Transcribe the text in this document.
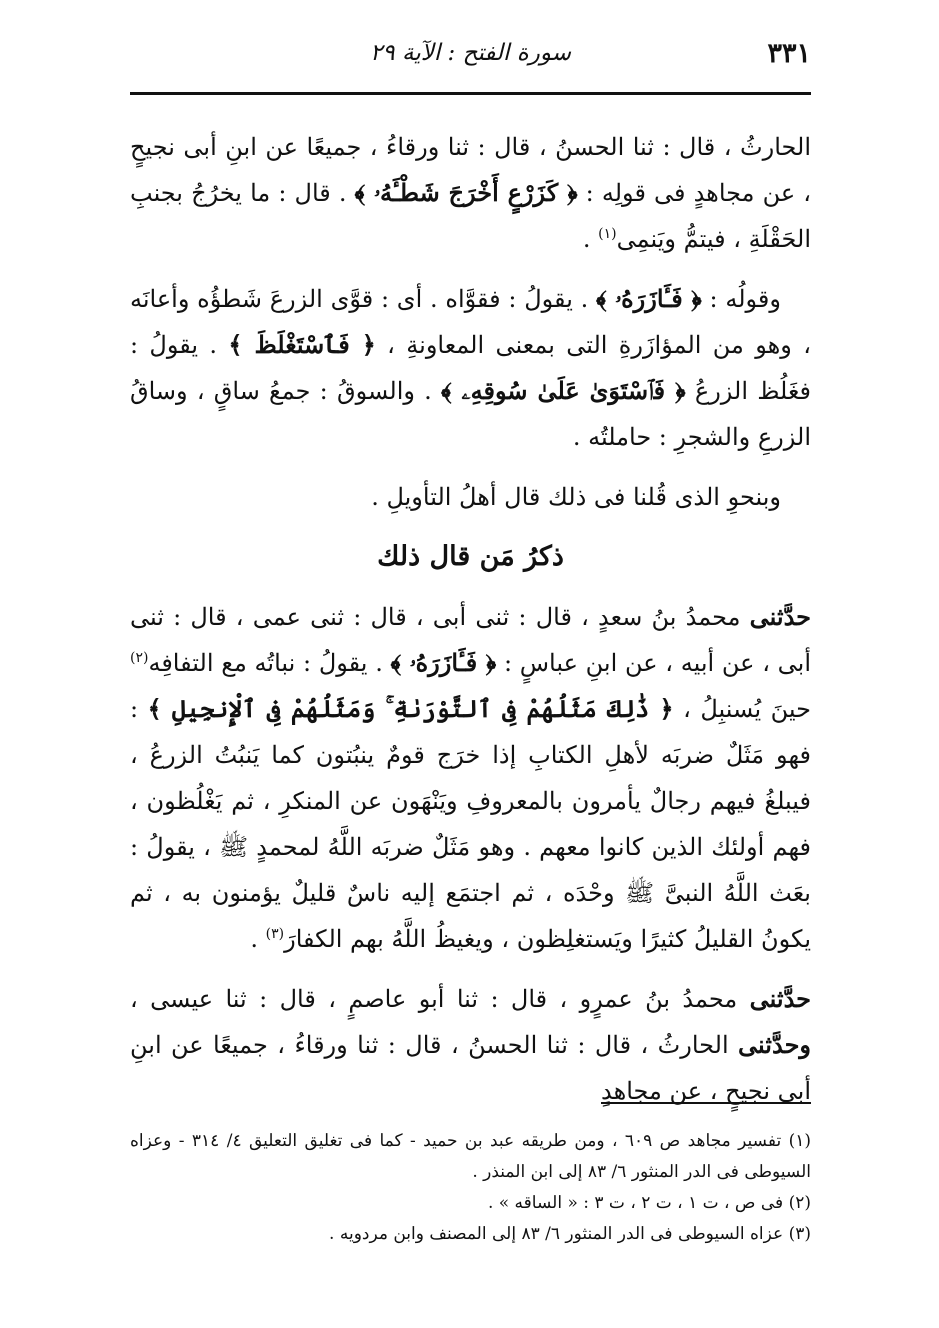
٣٣١
سورة الفتح : الآية ٢٩

الحارثُ ، قال : ثنا الحسنُ ، قال : ثنا ورقاءُ ، جميعًا عن ابنِ أبى نجيحٍ ، عن مجاهدٍ فى قولِه : ﴿ كَزَرْعٍ أَخْرَجَ شَطْـَٔهُۥ ﴾ . قال : ما يخرُجُ بجنبِ الحَقْلَةِ ، فيتمُّ ويَنمِى$^{(١)}$ .

وقولُه : ﴿ فَـَٔازَرَهُۥ ﴾ . يقولُ : فقوَّاه . أى : قوَّى الزرعَ شَطؤُه وأعانَه ، وهو من المؤازَرةِ التى بمعنى المعاونةِ ، ﴿ فَٱسْتَغْلَظَ ﴾ . يقولُ : فغَلُظ الزرعُ ﴿ فَٱسْتَوَىٰ عَلَىٰ سُوقِهِۦ ﴾ . والسوقُ : جمعُ ساقٍ ، وساقُ الزرعِ والشجرِ : حاملتُه .

وبنحوِ الذى قُلنا فى ذلك قال أهلُ التأويلِ .

ذكرُ مَن قال ذلك

حدَّثنى محمدُ بنُ سعدٍ ، قال : ثنى أبى ، قال : ثنى عمى ، قال : ثنى أبى ، عن أبيه ، عن ابنِ عباسٍ : ﴿ فَـَٔازَرَهُۥ ﴾ . يقولُ : نباتُه مع التفافِه$^{(٢)}$ حينَ يُسنبِلُ ، ﴿ ذَٰلِكَ مَثَلُهُمْ فِى ٱلتَّوْرَىٰةِ ۚ وَمَثَلُهُمْ فِى ٱلْإِنجِيلِ ﴾ : فهو مَثَلٌ ضربَه لأهلِ الكتابِ إذا خرَج قومٌ ينبُتون كما يَنبُتُ الزرعُ ، فيبلغُ فيهم رجالٌ يأمرون بالمعروفِ ويَنْهَون عن المنكرِ ، ثم يَغْلُظون ، فهم أولئك الذين كانوا معهم . وهو مَثَلٌ ضربَه اللَّهُ لمحمدٍ ﷺ ، يقولُ : بعَث اللَّهُ النبىَّ ﷺ وحْدَه ، ثم اجتمَع إليه ناسٌ قليلٌ يؤمنون به ، ثم يكونُ القليلُ كثيرًا ويَستغلِظون ، ويغيظُ اللَّهُ بهم الكفارَ$^{(٣)}$ .

حدَّثنى محمدُ بنُ عمرٍو ، قال : ثنا أبو عاصمٍ ، قال : ثنا عيسى ، وحدَّثنى الحارثُ ، قال : ثنا الحسنُ ، قال : ثنا ورقاءُ ، جميعًا عن ابنِ أبى نجيحٍ ، عن مجاهدٍ

(١) تفسير مجاهد ص ٦٠٩ ، ومن طريقه عبد بن حميد - كما فى تغليق التعليق ٤/ ٣١٤ - وعزاه السيوطى فى الدر المنثور ٦/ ٨٣ إلى ابن المنذر .

(٢) فى ص ، ت ١ ، ت ٢ ، ت ٣ : « الساقه » .

(٣) عزاه السيوطى فى الدر المنثور ٦/ ٨٣ إلى المصنف وابن مردويه .
